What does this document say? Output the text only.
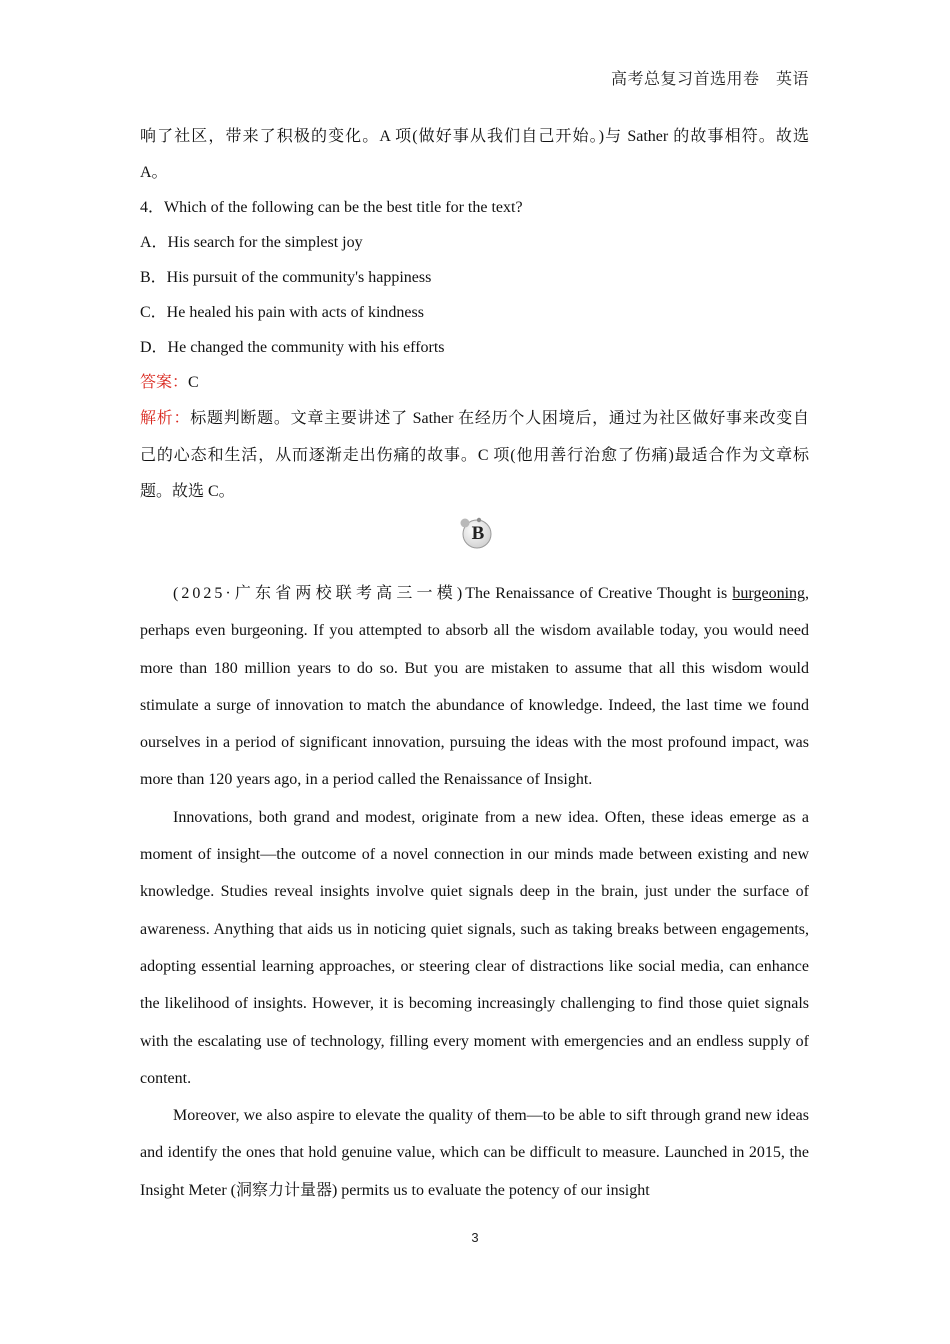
高考总复习首选用卷　英语
响了社区，带来了积极的变化。A 项(做好事从我们自己开始。)与 Sather 的故事相符。故选
A。
4．Which of the following can be the best title for the text?
A．His search for the simplest joy
B．His pursuit of the community's happiness
C．He healed his pain with acts of kindness
D．He changed the community with his efforts
答案：C
解析：标题判断题。文章主要讲述了 Sather 在经历个人困境后，通过为社区做好事来改变自
己的心态和生活，从而逐渐走出伤痛的故事。C 项(他用善行治愈了伤痛)最适合作为文章标
题。故选 C。
(2025·广东省两校联考高三一模)The Renaissance of Creative Thought is burgeoning, perhaps even burgeoning. If you attempted to absorb all the wisdom available today, you would need more than 180 million years to do so. But you are mistaken to assume that all this wisdom would stimulate a surge of innovation to match the abundance of knowledge. Indeed, the last time we found ourselves in a period of significant innovation, pursuing the ideas with the most profound impact, was more than 120 years ago, in a period called the Renaissance of Insight.
Innovations, both grand and modest, originate from a new idea. Often, these ideas emerge as a moment of insight—the outcome of a novel connection in our minds made between existing and new knowledge. Studies reveal insights involve quiet signals deep in the brain, just under the surface of awareness. Anything that aids us in noticing quiet signals, such as taking breaks between engagements, adopting essential learning approaches, or steering clear of distractions like social media, can enhance the likelihood of insights. However, it is becoming increasingly challenging to find those quiet signals with the escalating use of technology, filling every moment with emergencies and an endless supply of content.
Moreover, we also aspire to elevate the quality of them—to be able to sift through grand new ideas and identify the ones that hold genuine value, which can be difficult to measure. Launched in 2015, the Insight Meter (洞察力计量器) permits us to evaluate the potency of our insight
B
3
